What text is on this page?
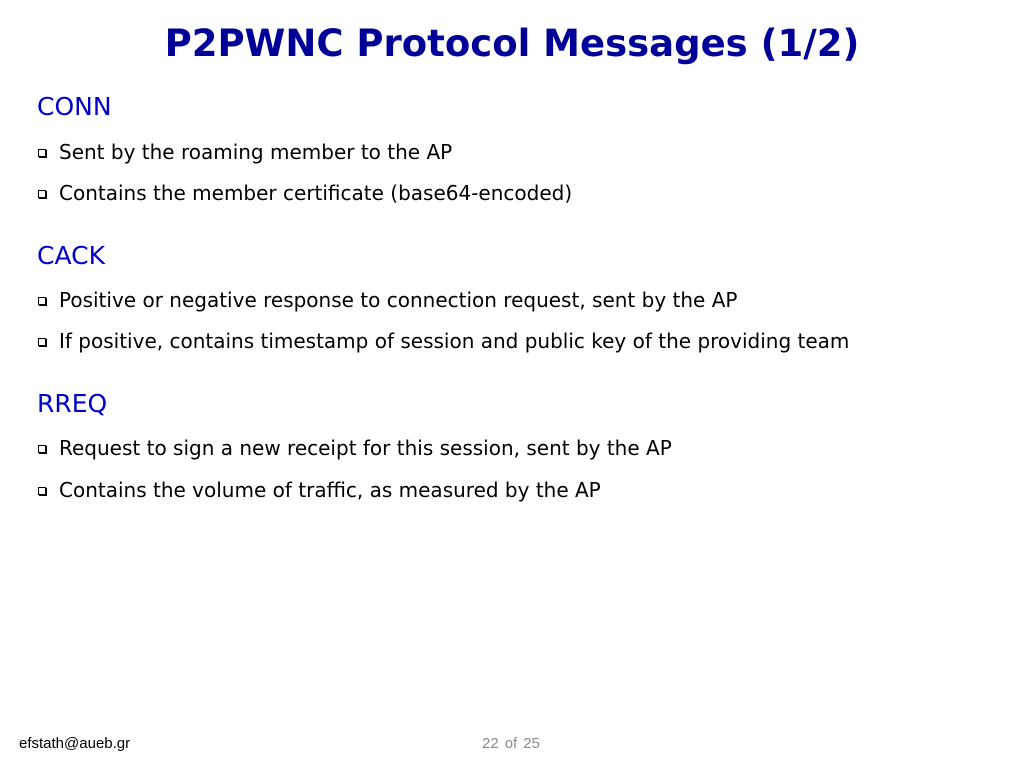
P2PWNC Protocol Messages (1/2)
CONN
Sent by the roaming member to the AP
Contains the member certificate (base64-encoded)
CACK
Positive or negative response to connection request, sent by the AP
If positive, contains timestamp of session and public key of the providing team
RREQ
Request to sign a new receipt for this session, sent by the AP
Contains the volume of traffic, as measured by the AP
efstath@aueb.gr	22 of 25
